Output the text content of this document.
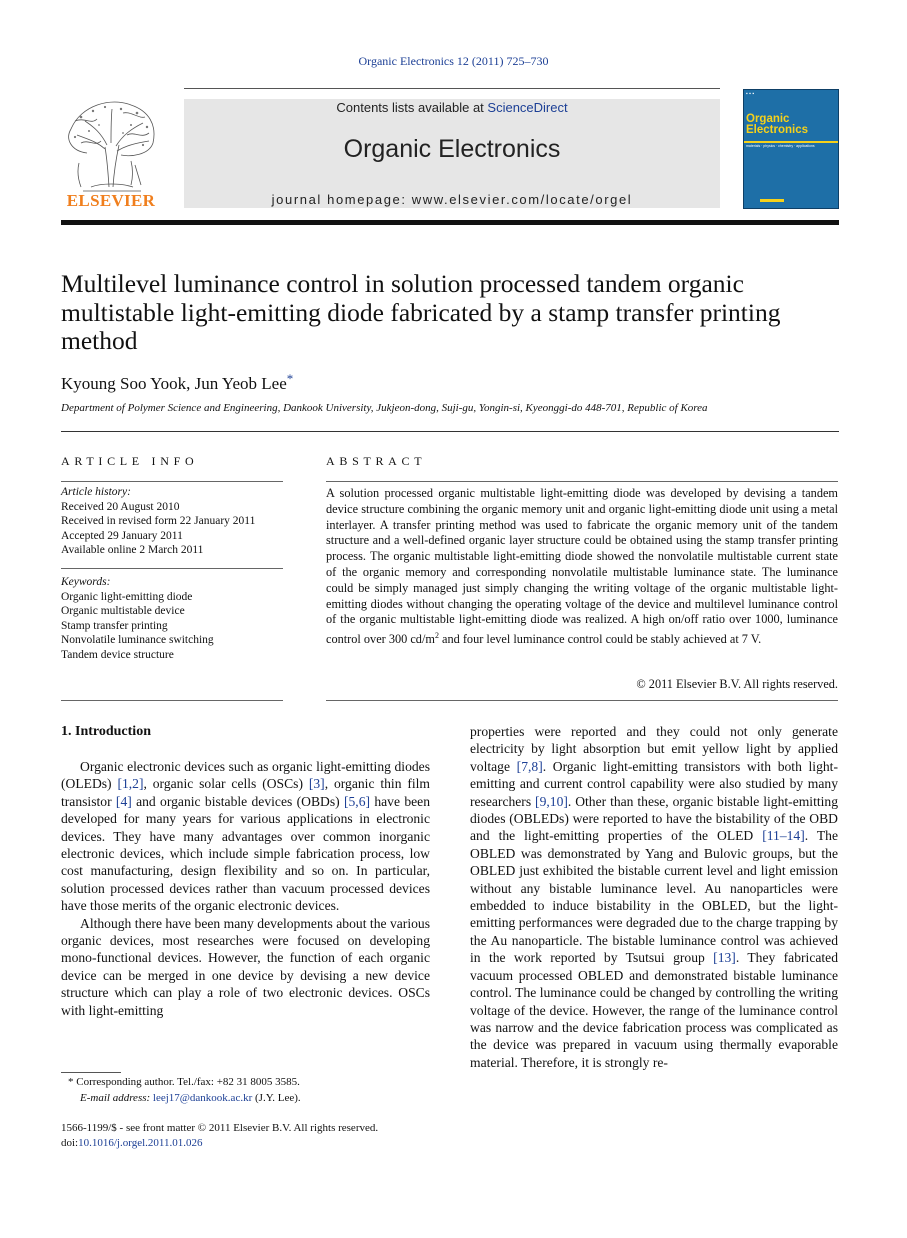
Organic Electronics 12 (2011) 725–730
Contents lists available at ScienceDirect
Organic Electronics
journal homepage: www.elsevier.com/locate/orgel
ELSEVIER
▪ ▪ ▪
Organic Electronics
materials · physics · chemistry · applications
Multilevel luminance control in solution processed tandem organic multistable light-emitting diode fabricated by a stamp transfer printing method
Kyoung Soo Yook, Jun Yeob Lee*
Department of Polymer Science and Engineering, Dankook University, Jukjeon-dong, Suji-gu, Yongin-si, Kyeonggi-do 448-701, Republic of Korea
ARTICLE INFO
Article history:
Received 20 August 2010
Received in revised form 22 January 2011
Accepted 29 January 2011
Available online 2 March 2011
Keywords:
Organic light-emitting diode
Organic multistable device
Stamp transfer printing
Nonvolatile luminance switching
Tandem device structure
ABSTRACT
A solution processed organic multistable light-emitting diode was developed by devising a tandem device structure combining the organic memory unit and organic light-emitting diode unit using a metal interlayer. A transfer printing method was used to fabricate the organic memory unit of the tandem structure and a well-defined organic layer structure could be obtained using the stamp transfer printing process. The organic multistable light-emitting diode showed the nonvolatile multistable current state of the organic memory and corresponding nonvolatile multistable luminance state. The luminance could be simply managed just simply changing the writing voltage of the organic multistable light-emitting diodes without changing the operating voltage of the device and multilevel luminance control of the organic multistable light-emitting diode was realized. A high on/off ratio over 1000, luminance control over 300 $cd/m^2$ and four level luminance control could be stably achieved at 7 V.
© 2011 Elsevier B.V. All rights reserved.
1. Introduction

Organic electronic devices such as organic light-emitting diodes (OLEDs) [1,2], organic solar cells (OSCs) [3], organic thin film transistor [4] and organic bistable devices (OBDs) [5,6] have been developed for many years for various applications in electronic devices. They have many advantages over common inorganic electronic devices, which include simple fabrication process, low cost manufacturing, design flexibility and so on. In particular, solution processed devices rather than vacuum processed devices have those merits of the organic electronic devices.

Although there have been many developments about the various organic devices, most researches were focused on developing mono-functional devices. However, the function of each organic device can be merged in one device by devising a new device structure which can play a role of two electronic devices. OSCs with light-emitting

properties were reported and they could not only generate electricity by light absorption but emit yellow light by applied voltage [7,8]. Organic light-emitting transistors with both light-emitting and current control capability were also studied by many researchers [9,10]. Other than these, organic bistable light-emitting diodes (OBLEDs) were reported to have the bistability of the OBD and the light-emitting properties of the OLED [11–14]. The OBLED was demonstrated by Yang and Bulovic groups, but the OBLED just exhibited the bistable current level and light emission without any bistable luminance level. Au nanoparticles were embedded to induce bistability in the OBLED, but the light-emitting performances were degraded due to the charge trapping by the Au nanoparticle. The bistable luminance control was achieved in the work reported by Tsutsui group [13]. They fabricated vacuum processed OBLED and demonstrated bistable luminance control. The luminance could be changed by controlling the writing voltage of the device. However, the range of the luminance control was narrow and the device fabrication process was complicated as the device was prepared in vacuum using thermally evaporable material. Therefore, it is strongly re-

* Corresponding author. Tel./fax: +82 31 8005 3585.
E-mail address: leej17@dankook.ac.kr (J.Y. Lee).
1566-1199/$ - see front matter © 2011 Elsevier B.V. All rights reserved.
doi:10.1016/j.orgel.2011.01.026
